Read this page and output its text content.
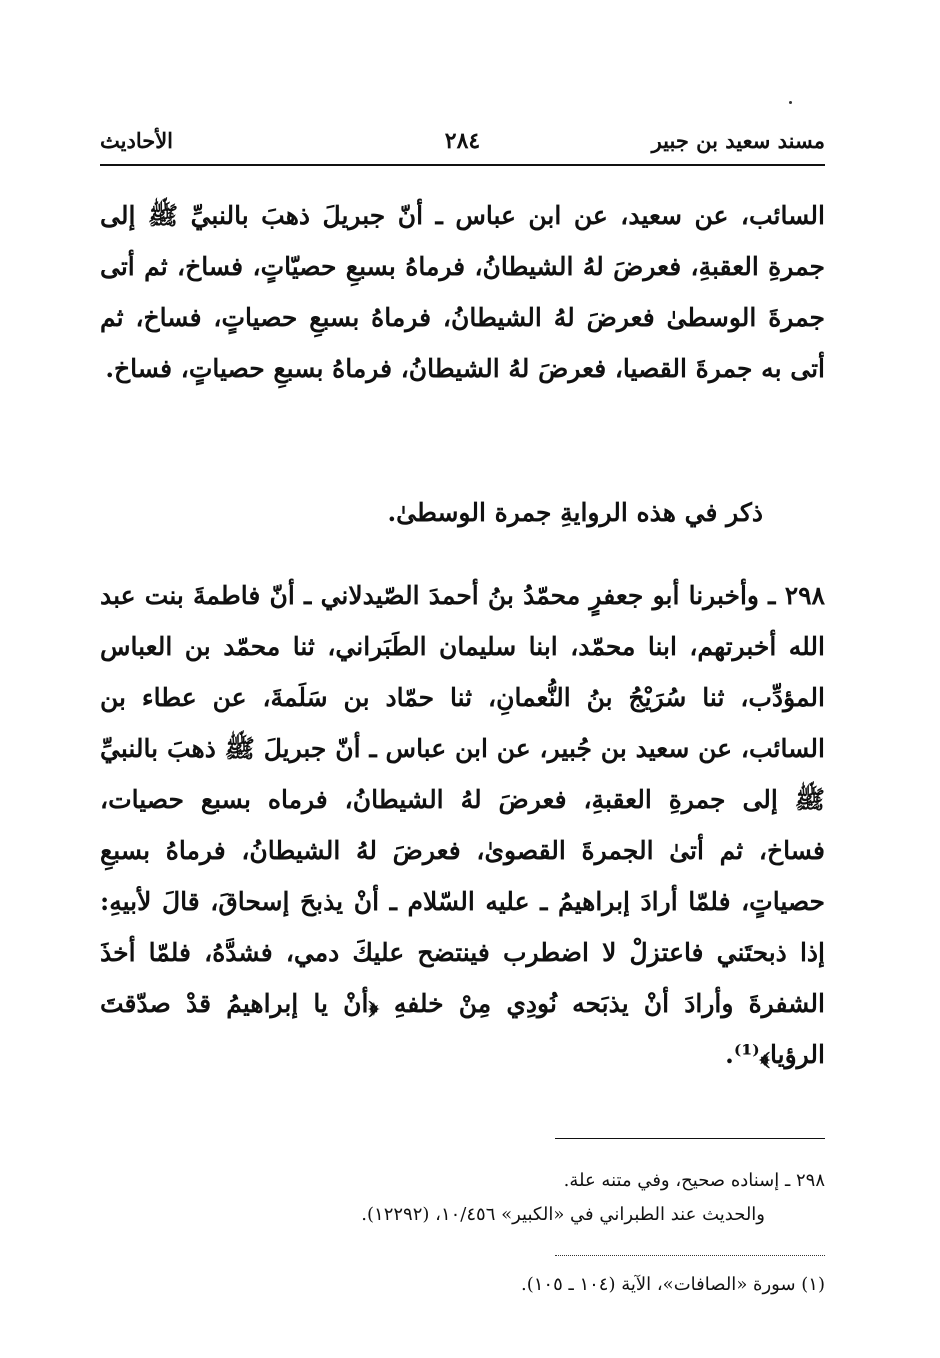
مسند سعيد بن جبير
٢٨٤
الأحاديث
السائب، عن سعيد، عن ابن عباس ـ أنّ جبريلَ ذهبَ بالنبيِّ ﷺ إلى جمرةِ العقبةِ، فعرضَ لهُ الشيطانُ، فرماهُ بسبعِ حصيّاتٍ، فساخ، ثم أتى جمرةَ الوسطىٰ فعرضَ لهُ الشيطانُ، فرماهُ بسبعِ حصياتٍ، فساخ، ثم أتى به جمرةَ القصيا، فعرضَ لهُ الشيطانُ، فرماهُ بسبعِ حصياتٍ، فساخ.
ذكر في هذه الروايةِ جمرة الوسطىٰ.
٢٩٨ ـ وأخبرنا أبو جعفرٍ محمّدُ بنُ أحمدَ الصّيدلاني ـ أنّ فاطمةَ بنت عبد الله أخبرتهم، ابنا محمّد، ابنا سليمان الطَبَراني، ثنا محمّد بن العباس المؤدِّب، ثنا سُرَيْجُ بنُ النُّعمانِ، ثنا حمّاد بن سَلَمةَ، عن عطاء بن السائب، عن سعيد بن جُبير، عن ابن عباس ـ أنّ جبريلَ ﷺ ذهبَ بالنبيِّ ﷺ إلى جمرةِ العقبةِ، فعرضَ لهُ الشيطانُ، فرماه بسبع حصيات، فساخ، ثم أتىٰ الجمرةَ القصوىٰ، فعرضَ لهُ الشيطانُ، فرماهُ بسبعِ حصياتٍ، فلمّا أرادَ إبراهيمُ ـ عليه السّلام ـ أنْ يذبحَ إسحاقَ، قالَ لأبيهِ: إذا ذبحتَني فاعتزلْ لا اضطرب فينتضح عليكَ دمي، فشدَّهُ، فلمّا أخذَ الشفرةَ وأرادَ أنْ يذبَحه نُودِي مِنْ خلفهِ ﴿أنْ يا إبراهيمُ قدْ صدّقتَ الرؤيا﴾⁽¹⁾.
٢٩٨ ـ إسناده صحيح، وفي متنه علة.
والحديث عند الطبراني في «الكبير» ١٠/٤٥٦، (١٢٢٩٢).
(١) سورة «الصافات»، الآية (١٠٤ ـ ١٠٥).
